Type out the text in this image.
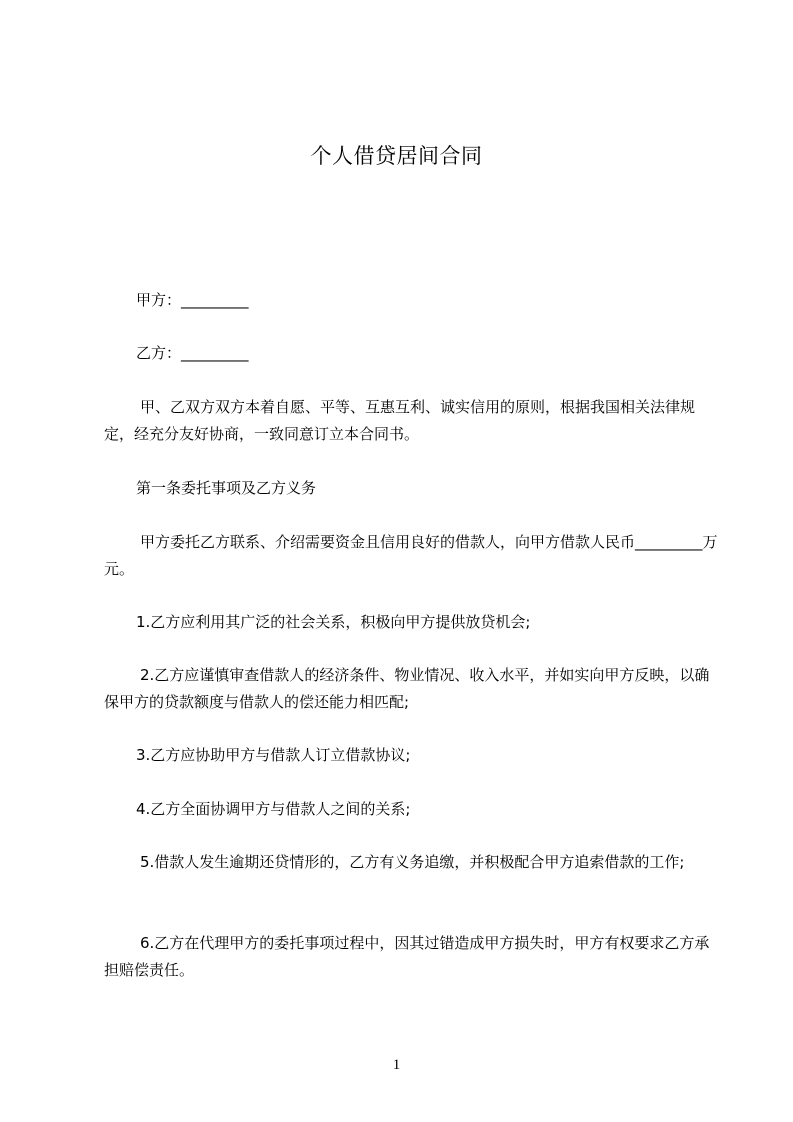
个人借贷居间合同

甲方：_________

乙方：_________

甲、乙双方双方本着自愿、平等、互惠互利、诚实信用的原则，根据我国相关法律规定，经充分友好协商，一致同意订立本合同书。

第一条委托事项及乙方义务

甲方委托乙方联系、介绍需要资金且信用良好的借款人，向甲方借款人民币_________万元。

1.乙方应利用其广泛的社会关系，积极向甲方提供放贷机会;

2.乙方应谨慎审查借款人的经济条件、物业情况、收入水平，并如实向甲方反映，以确保甲方的贷款额度与借款人的偿还能力相匹配;

3.乙方应协助甲方与借款人订立借款协议;

4.乙方全面协调甲方与借款人之间的关系;

5.借款人发生逾期还贷情形的，乙方有义务追缴，并积极配合甲方追索借款的工作;

6.乙方在代理甲方的委托事项过程中，因其过错造成甲方损失时，甲方有权要求乙方承担赔偿责任。

1
